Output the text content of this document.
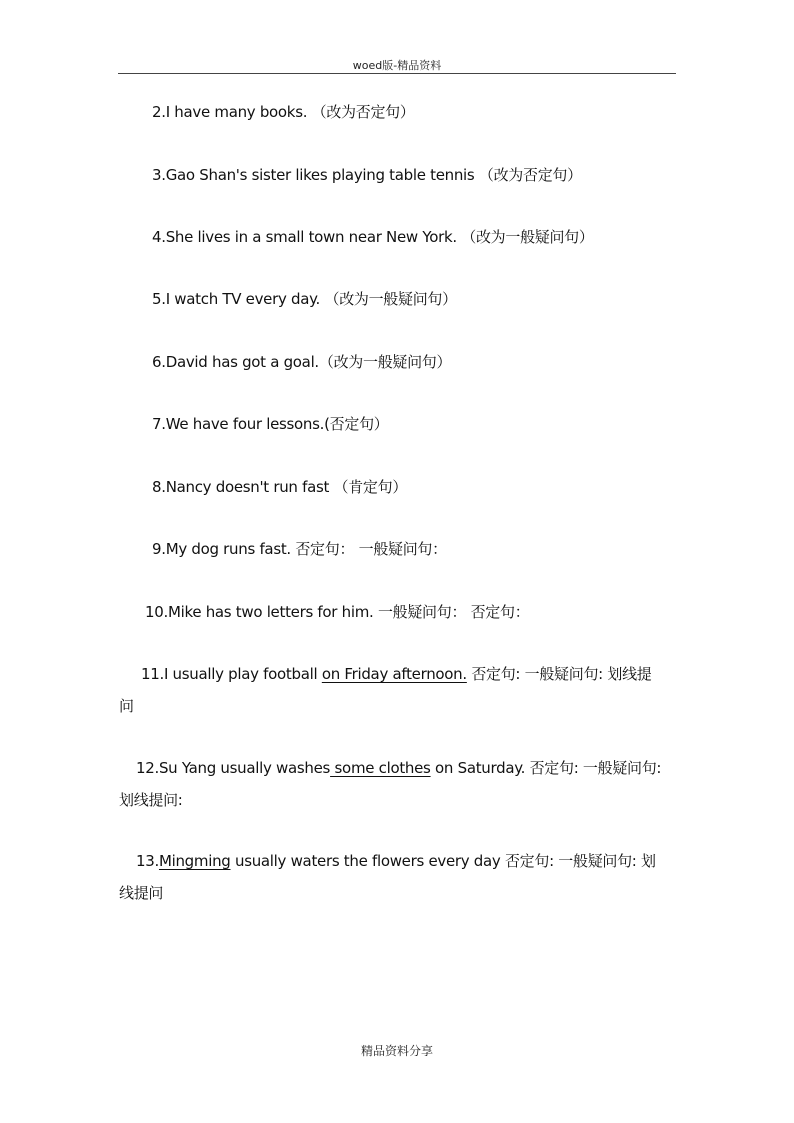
woed版-精品资料
2.I have many books. （改为否定句）
3.Gao Shan's sister likes playing table tennis （改为否定句）
4.She lives in a small town near New York. （改为一般疑问句）
5.I watch TV every day. （改为一般疑问句）
6.David has got a goal.（改为一般疑问句）
7.We have four lessons.(否定句）
8.Nancy doesn't run fast （肯定句）
9.My dog runs fast. 否定句： 一般疑问句：
10.Mike has two letters for him. 一般疑问句： 否定句：
11.I usually play football on Friday afternoon. 否定句: 一般疑问句: 划线提
问
12.Su Yang usually washes some clothes on Saturday. 否定句: 一般疑问句:
划线提问:
13.Mingming usually waters the flowers every day 否定句: 一般疑问句: 划
线提问
精品资料分享
